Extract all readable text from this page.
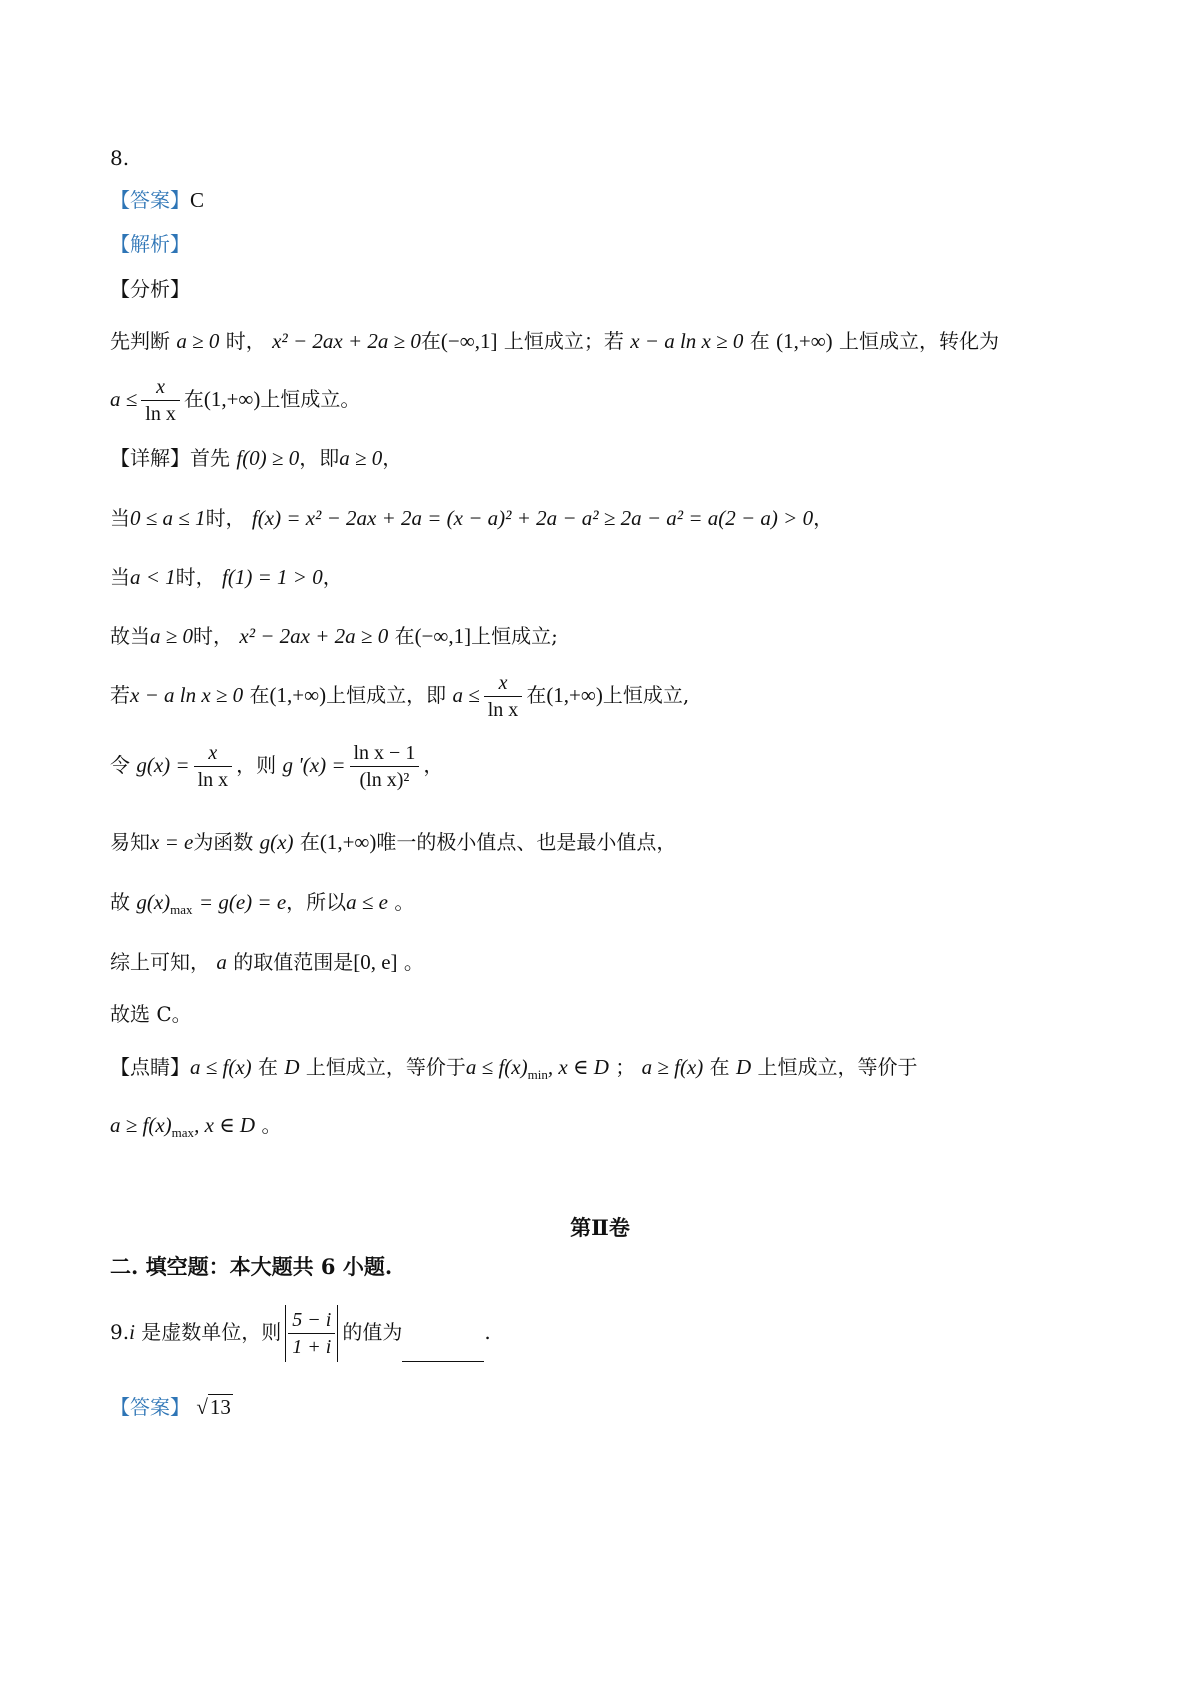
8.
【答案】C
【解析】
【分析】
先判断 a ≥ 0 时， x² − 2ax + 2a ≥ 0在(−∞,1] 上恒成立；若 x − a ln x ≥ 0 在 (1,+∞) 上恒成立，转化为
$a \le \frac{x}{\text{ln x}}$ 在(1,+∞)上恒成立。
【详解】首先 f(0) ≥ 0，即a ≥ 0，
当0 ≤ a ≤ 1时， f(x) = x² − 2ax + 2a = (x − a)² + 2a − a² ≥ 2a − a² = a(2 − a) > 0，
当a < 1时， f(1) = 1 > 0，
故当a ≥ 0时， x² − 2ax + 2a ≥ 0 在(−∞,1]上恒成立;
若x − a ln x ≥ 0 在(1,+∞)上恒成立，即 $a \le \frac{x}{\text{ln x}}$ 在(1,+∞)上恒成立,
令 $g(x) = \frac{x}{\text{ln x}}$ ，则 g '$(x) = \frac{\text{ln x − 1}}{\text{(ln x)²}}$ ，
易知x = e为函数 g(x) 在(1,+∞)唯一的极小值点、也是最小值点，
故 $g(x)_{max} = g(e) = e$，所以a ≤ e 。
综上可知， a 的取值范围是[0, e] 。
故选 C。
【点睛】a ≤ f(x) 在 D 上恒成立，等价于$a \le f(x)_{min}$, x ∈ D ； a ≥ f(x) 在 D 上恒成立，等价于
$a \ge f(x)_{max}$, x ∈ D 。
第Ⅱ卷
二. 填空题：本大题共 6 小题.
9.i 是虚数单位，则 $\frac{5 - i}{1 + i}$ 的值为	.
【答案】 √13
